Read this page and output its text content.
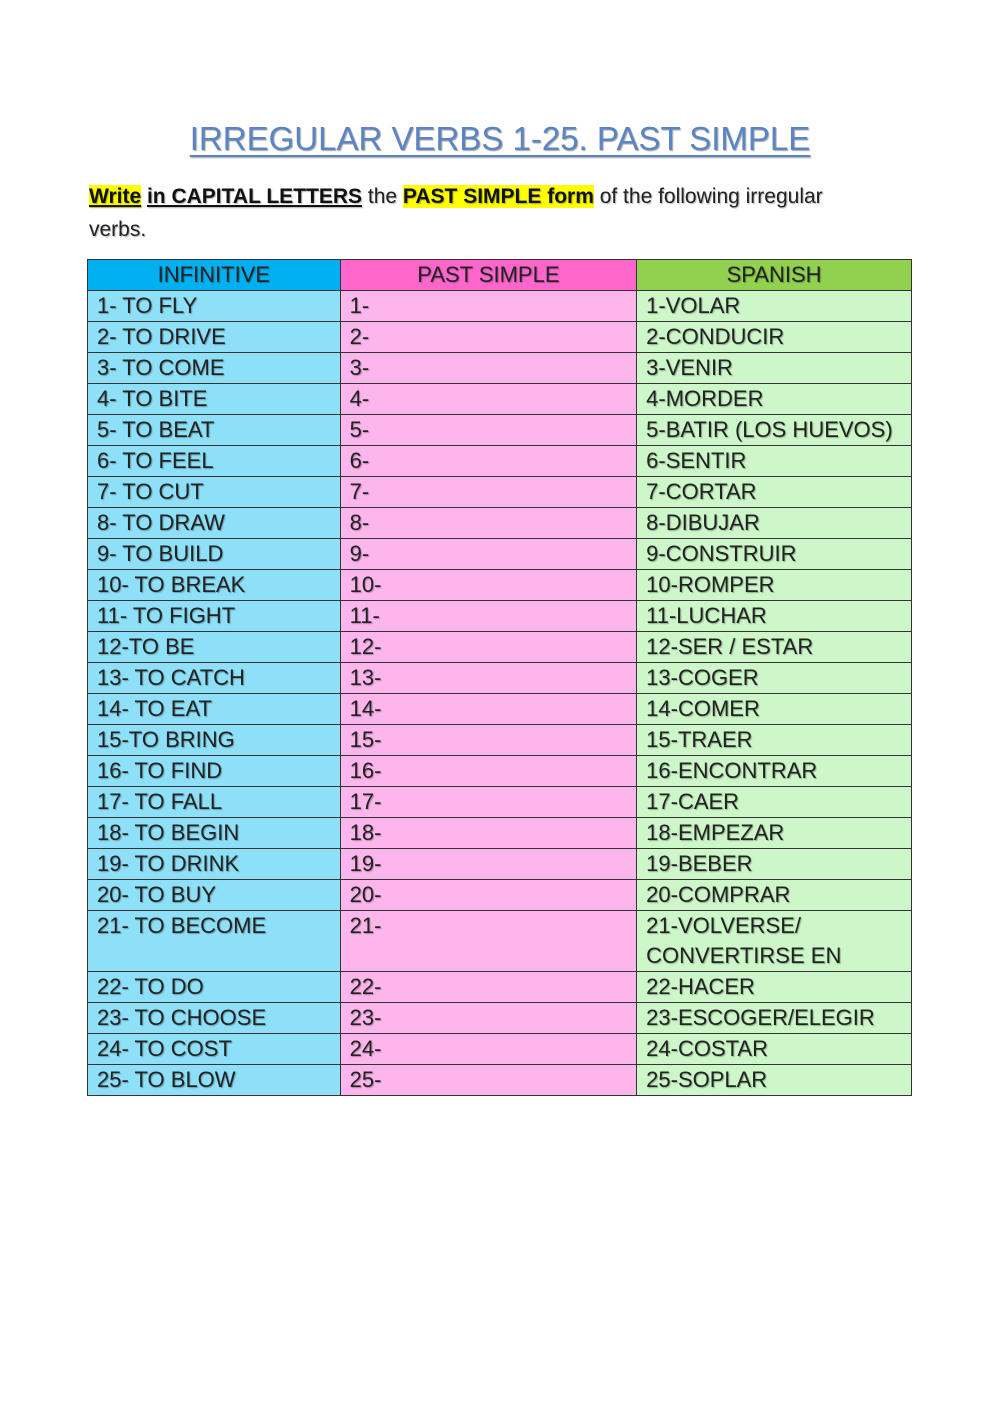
IRREGULAR VERBS 1-25. PAST SIMPLE
Write in CAPITAL LETTERS the PAST SIMPLE form of the following irregular verbs.
INFINITIVE	PAST SIMPLE	SPANISH
1- TO FLY	1-	1-VOLAR
2- TO DRIVE	2-	2-CONDUCIR
3- TO COME	3-	3-VENIR
4- TO BITE	4-	4-MORDER
5- TO BEAT	5-	5-BATIR (LOS HUEVOS)
6- TO FEEL	6-	6-SENTIR
7- TO CUT	7-	7-CORTAR
8- TO DRAW	8-	8-DIBUJAR
9- TO BUILD	9-	9-CONSTRUIR
10- TO BREAK	10-	10-ROMPER
11- TO FIGHT	11-	11-LUCHAR
12-TO BE	12-	12-SER / ESTAR
13- TO CATCH	13-	13-COGER
14- TO EAT	14-	14-COMER
15-TO BRING	15-	15-TRAER
16- TO FIND	16-	16-ENCONTRAR
17- TO FALL	17-	17-CAER
18- TO BEGIN	18-	18-EMPEZAR
19- TO DRINK	19-	19-BEBER
20- TO BUY	20-	20-COMPRAR
21- TO BECOME	21-	21-VOLVERSE/ CONVERTIRSE EN
22- TO DO	22-	22-HACER
23- TO CHOOSE	23-	23-ESCOGER/ELEGIR
24- TO COST	24-	24-COSTAR
25- TO BLOW	25-	25-SOPLAR
